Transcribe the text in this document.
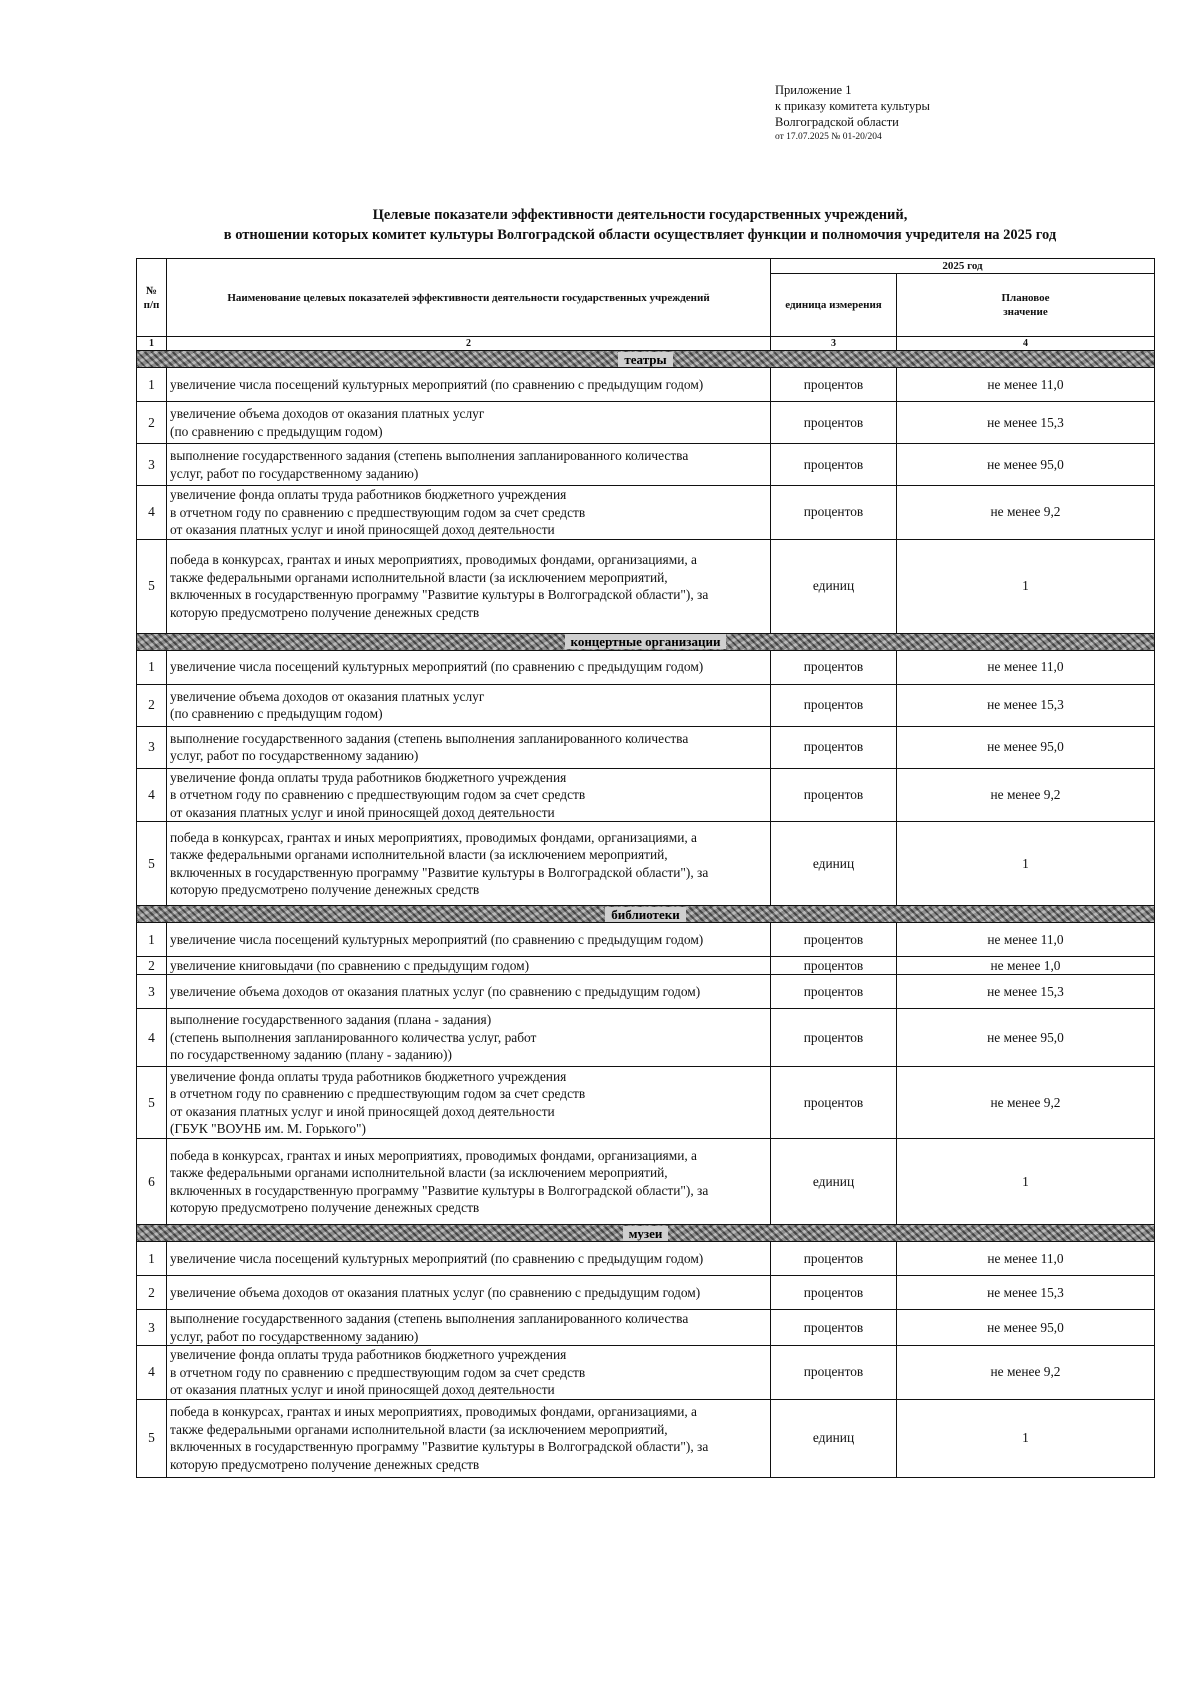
Приложение 1
к приказу комитета культуры
Волгоградской области
от 17.07.2025 № 01-20/204
Целевые показатели эффективности деятельности государственных учреждений,
в отношении которых комитет культуры Волгоградской области осуществляет функции и полномочия учредителя на 2025 год
№
п/п	Наименование целевых показателей эффективности деятельности государственных учреждений	2025 год	
		единица измерения	Плановое
значение
1	2	3	4
театры			
1	увеличение числа посещений культурных мероприятий (по сравнению с предыдущим годом)	процентов	не менее 11,0
2	увеличение объема доходов от оказания платных услуг
(по сравнению с предыдущим годом)	процентов	не менее 15,3
3	выполнение государственного задания (степень выполнения запланированного количества
услуг, работ по государственному заданию)	процентов	не менее 95,0
4	увеличение фонда оплаты труда работников бюджетного учреждения
в отчетном году по сравнению с предшествующим годом за счет средств
от оказания платных услуг и иной приносящей доход деятельности	процентов	не менее 9,2
5	победа в конкурсах, грантах и иных мероприятиях, проводимых фондами, организациями, а
также федеральными органами исполнительной власти (за исключением мероприятий,
включенных в государственную программу "Развитие культуры в Волгоградской области"), за
которую предусмотрено получение денежных средств	единиц	1
концертные организации			
1	увеличение числа посещений культурных мероприятий (по сравнению с предыдущим годом)	процентов	не менее 11,0
2	увеличение объема доходов от оказания платных услуг
(по сравнению с предыдущим годом)	процентов	не менее 15,3
3	выполнение государственного задания (степень выполнения запланированного количества
услуг, работ по государственному заданию)	процентов	не менее 95,0
4	увеличение фонда оплаты труда работников бюджетного учреждения
в отчетном году по сравнению с предшествующим годом за счет средств
от оказания платных услуг и иной приносящей доход деятельности	процентов	не менее 9,2
5	победа в конкурсах, грантах и иных мероприятиях, проводимых фондами, организациями, а
также федеральными органами исполнительной власти (за исключением мероприятий,
включенных в государственную программу "Развитие культуры в Волгоградской области"), за
которую предусмотрено получение денежных средств	единиц	1
библиотеки			
1	увеличение числа посещений культурных мероприятий (по сравнению с предыдущим годом)	процентов	не менее 11,0
2	увеличение книговыдачи (по сравнению с предыдущим годом)	процентов	не менее 1,0
3	увеличение объема доходов от оказания платных услуг (по сравнению с предыдущим годом)	процентов	не менее 15,3
4	выполнение государственного задания (плана - задания)
(степень выполнения запланированного количества услуг, работ
по государственному заданию (плану - заданию))	процентов	не менее 95,0
5	увеличение фонда оплаты труда работников бюджетного учреждения
в отчетном году по сравнению с предшествующим годом за счет средств
от оказания платных услуг и иной приносящей доход деятельности
(ГБУК "ВОУНБ им. М. Горького")	процентов	не менее 9,2
6	победа в конкурсах, грантах и иных мероприятиях, проводимых фондами, организациями, а
также федеральными органами исполнительной власти (за исключением мероприятий,
включенных в государственную программу "Развитие культуры в Волгоградской области"), за
которую предусмотрено получение денежных средств	единиц	1
музеи			
1	увеличение числа посещений культурных мероприятий (по сравнению с предыдущим годом)	процентов	не менее 11,0
2	увеличение объема доходов от оказания платных услуг (по сравнению с предыдущим годом)	процентов	не менее 15,3
3	выполнение государственного задания (степень выполнения запланированного количества
услуг, работ по государственному заданию)	процентов	не менее 95,0
4	увеличение фонда оплаты труда работников бюджетного учреждения
в отчетном году по сравнению с предшествующим годом за счет средств
от оказания платных услуг и иной приносящей доход деятельности	процентов	не менее 9,2
5	победа в конкурсах, грантах и иных мероприятиях, проводимых фондами, организациями, а
также федеральными органами исполнительной власти (за исключением мероприятий,
включенных в государственную программу "Развитие культуры в Волгоградской области"), за
которую предусмотрено получение денежных средств	единиц	1
